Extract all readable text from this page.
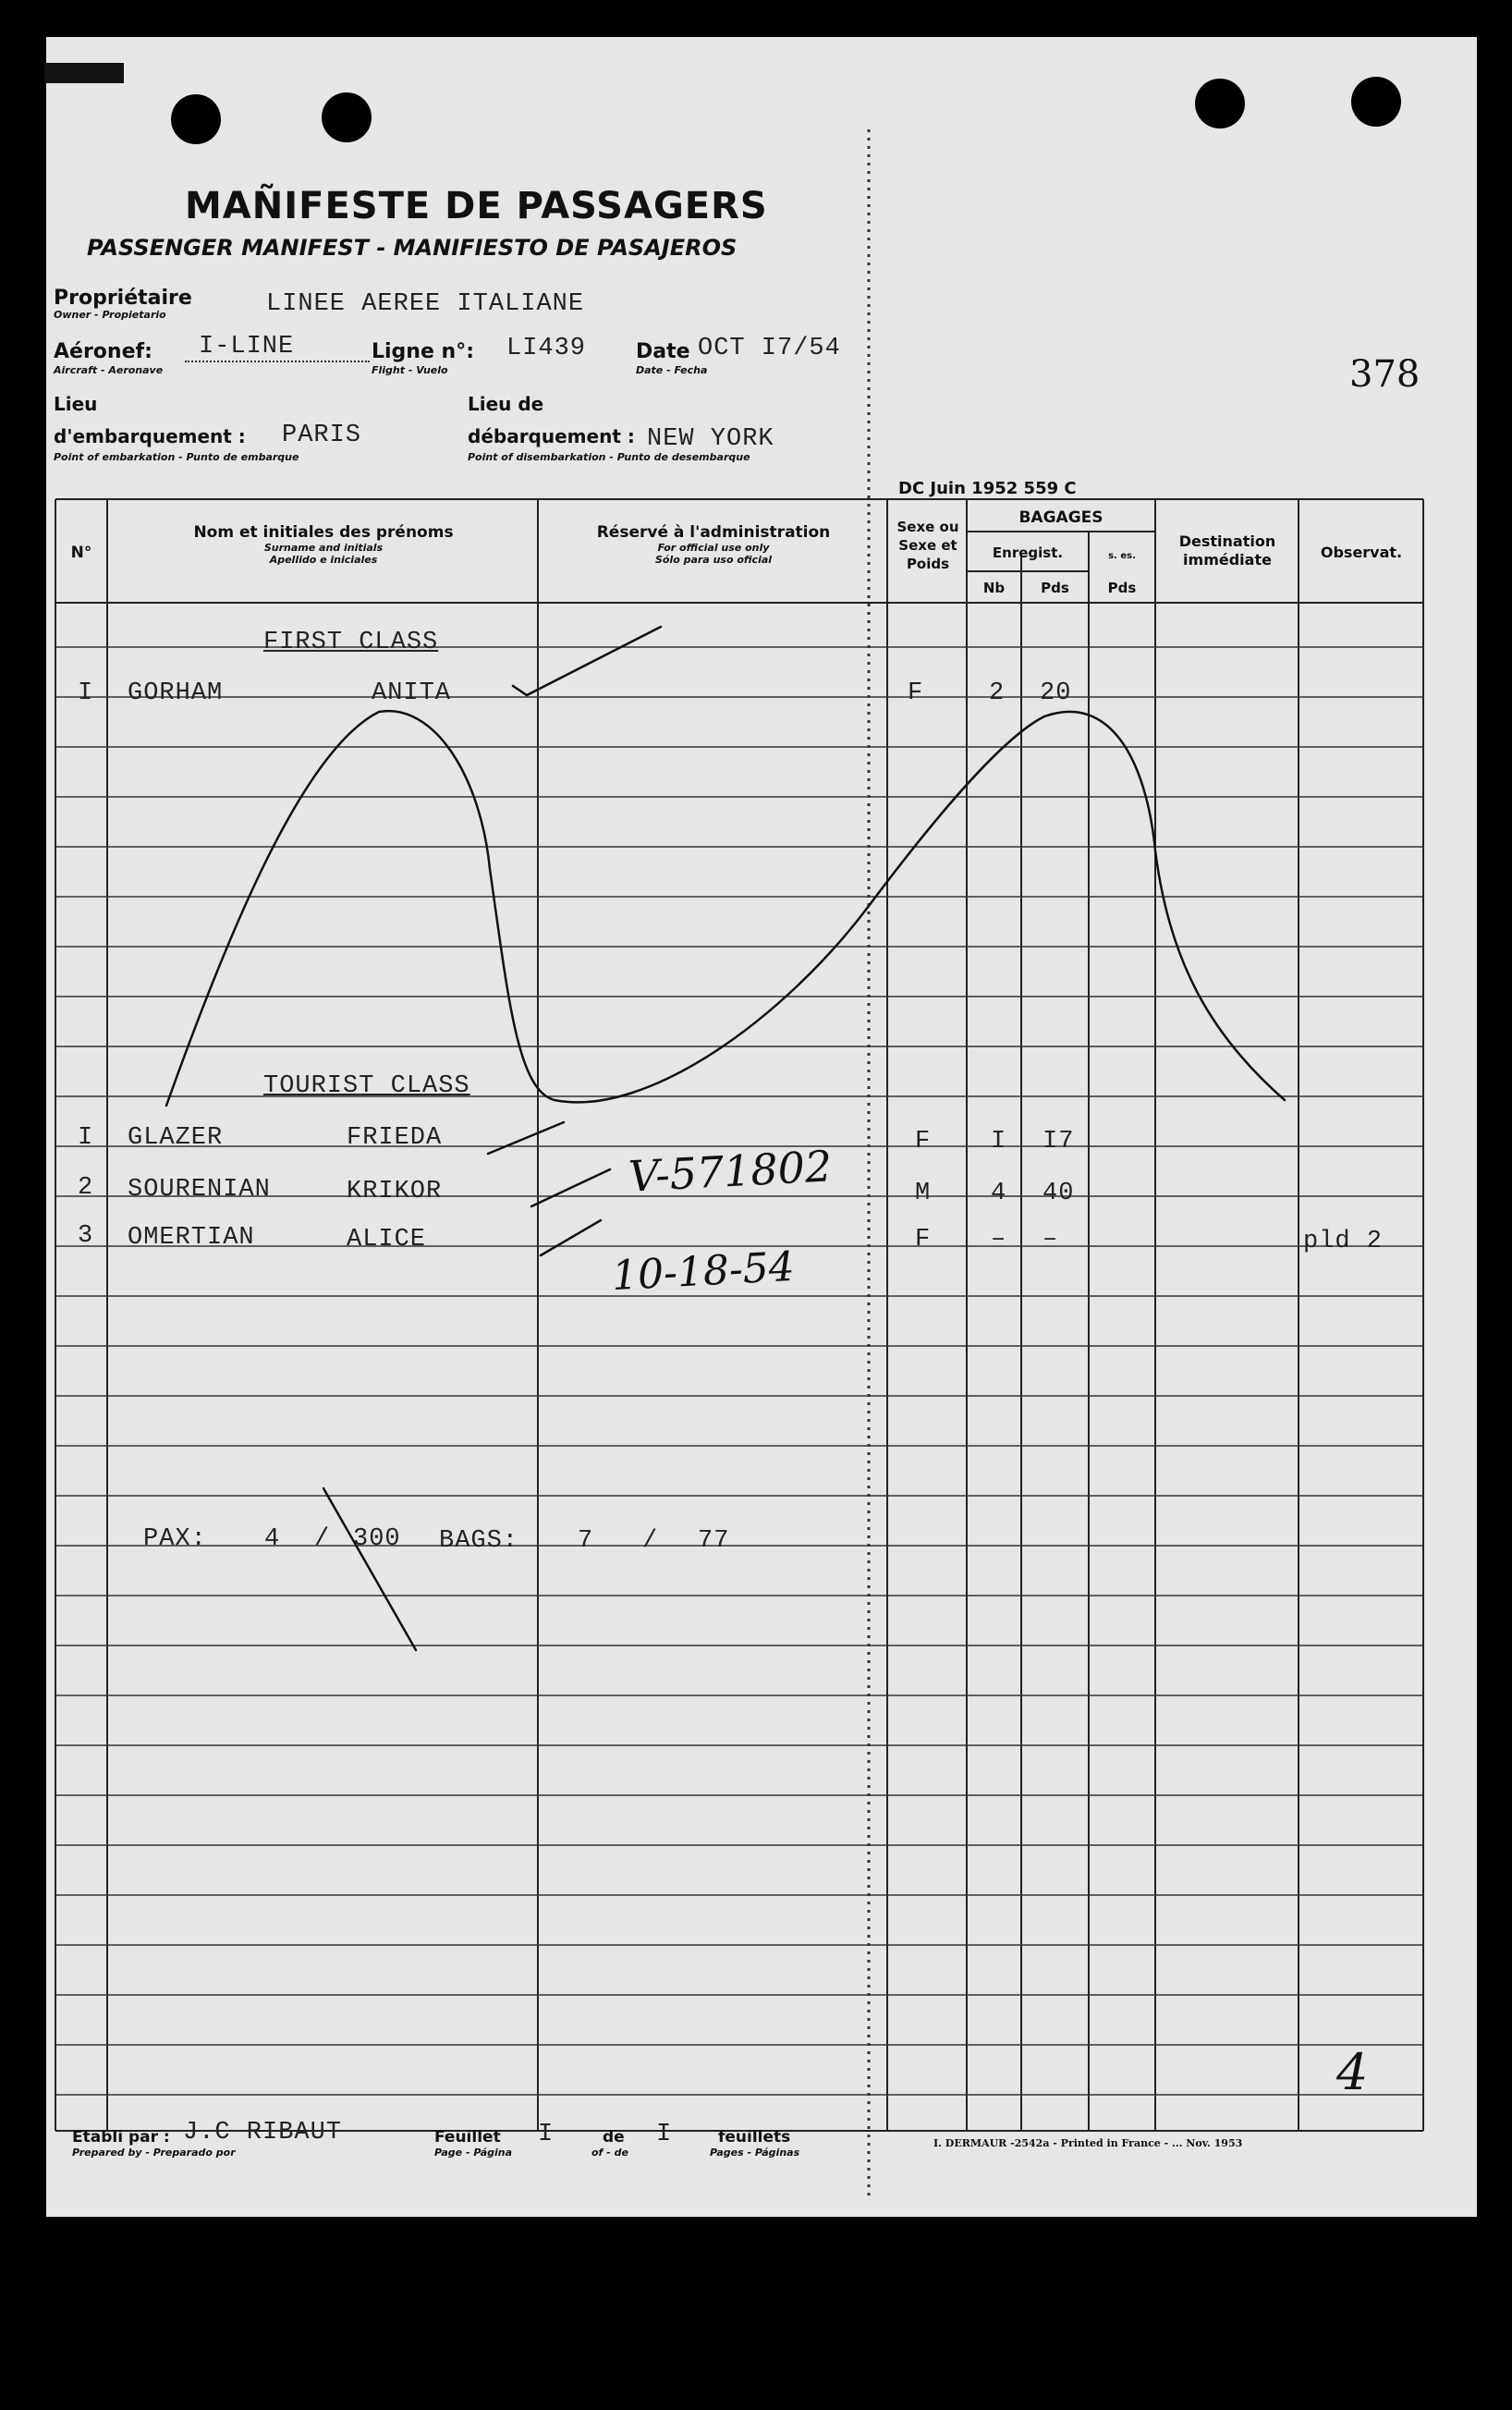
MAÑIFESTE DE PASSAGERS
PASSENGER MANIFEST - MANIFIESTO DE PASAJEROS
378
DC Juin 1952 559 C
Propriétaire
Owner - Propietario	LINEE AEREE ITALIANE
Aéronef:
Aircraft - Aeronave
I-LINE	Ligne n°:
Flight - Vuelo
LI439 Date
Date - Fecha
OCT I7/54
Lieu
d'embarquement :
Point of embarkation - Punto de embarque
PARIS
Lieu de
débarquement :
Point of disembarkation - Punto de desembarque
NEW YORK
N°
Nom et initiales des prénoms
Surname and initials
Apellido e iniciales
Réservé à l'administration
For official use only
Sólo para uso oficial
Sexe ou Sexe et Poids
BAGAGES
Enregist.
Nb	Pds
s. es.
Pds
Destination immédiate	Observat.
FIRST CLASS
TOURIST CLASS
I GORHAM	ANITA	F	2 20
I GLAZER	FRIEDA	F I I7
2 SOURENIAN	KRIKOR	M 4 40
3 OMERTIAN	ALICE	F – –	pld 2
V-571802
10-18-54
4
PAX: 4 / 300 BAGS: 7 / 77
Etabli par :
Prepared by - Preparado por
J.C RIBAUT	Feuillet
Page - Página
I	de
of - de
I	feuillets
Pages - Páginas
I. DERMAUR -2542a - Printed in France - ... Nov. 1953
